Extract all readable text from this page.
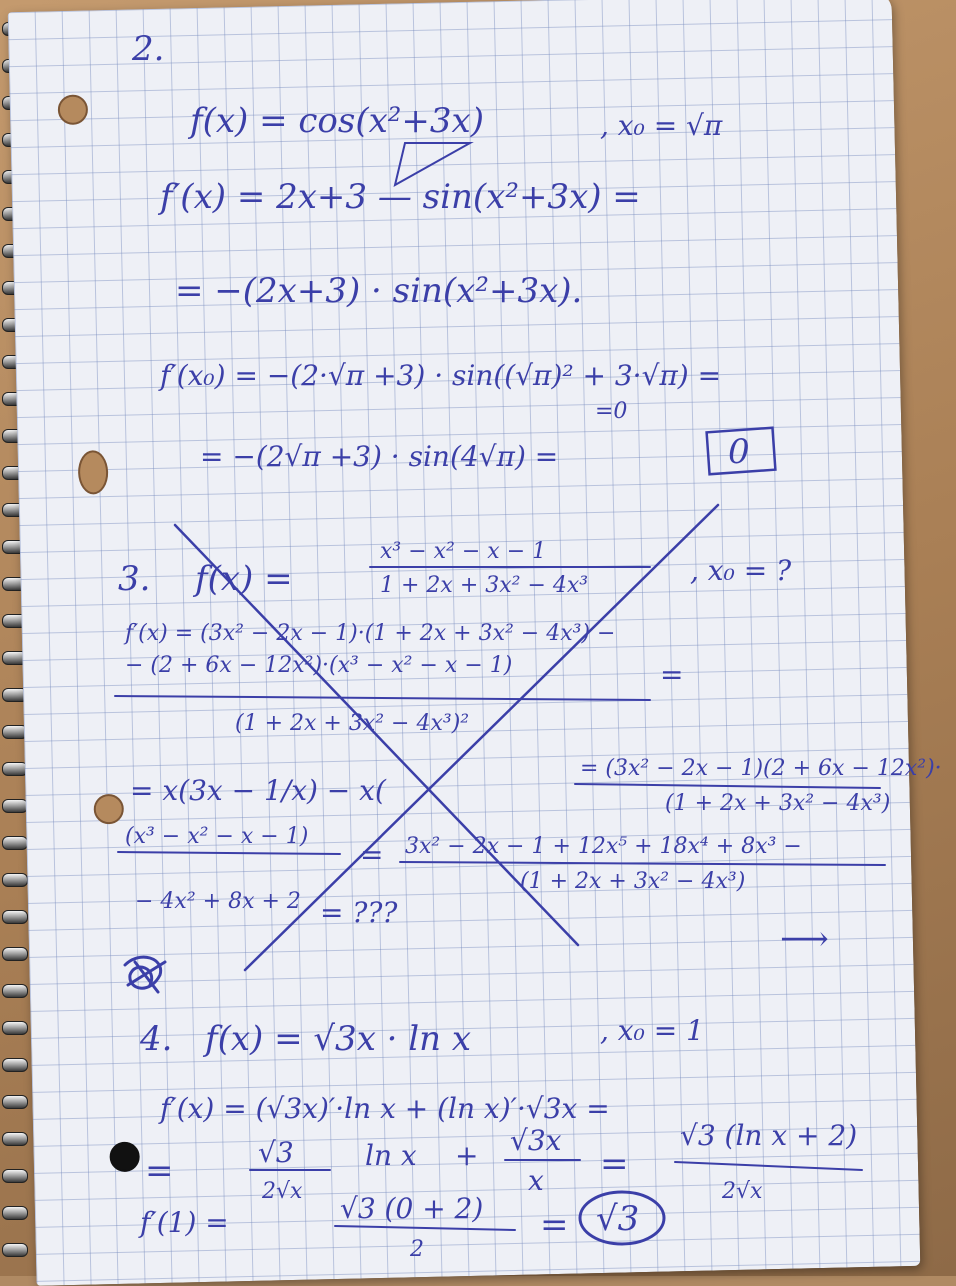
2.
f(x) = cos(x²+3x)	, x₀ = √π
f′(x) = 2x+3 — sin(x²+3x) =
= −(2x+3) · sin(x²+3x).
f′(x₀) = −(2·√π +3) · sin((√π)² + 3·√π) =
=0
= −(2√π +3) · sin(4√π) =	0
3. f(x) =
x³ − x² − x − 1
1 + 2x + 3x² − 4x³	, x₀ = ?
f′(x) = (3x² − 2x − 1)·(1 + 2x + 3x² − 4x³) −
− (2 + 6x − 12x²)·(x³ − x² − x − 1)	=
(1 + 2x + 3x² − 4x³)²
= x(3x − 1/x) − x(
= (3x² − 2x − 1)(2 + 6x − 12x²)·
(1 + 2x + 3x² − 4x³)
(x³ − x² − x − 1)
= 3x² − 2x − 1 + 12x⁵ + 18x⁴ + 8x³ −
(1 + 2x + 3x² − 4x³)
− 4x² + 8x + 2 = ???
⟶
4. f(x) = √3x · ln x	, x₀ = 1
f′(x) = (√3x)′·ln x + (ln x)′·√3x =
=	√3
2√x
ln x + √3x
x =
√3 (ln x + 2)
2√x
f′(1) =	√3 (0 + 2)
2
= √3
